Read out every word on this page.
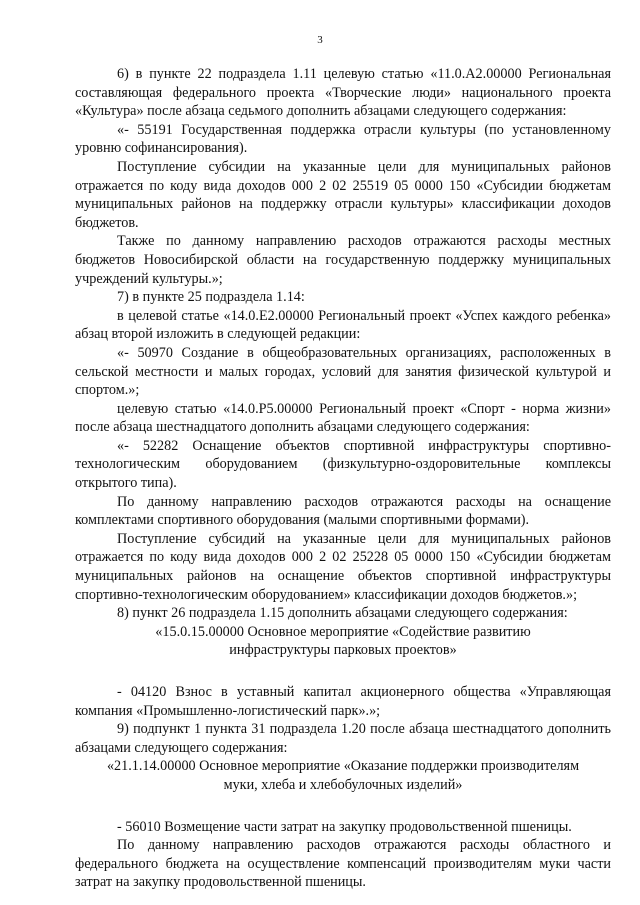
3

6) в пункте 22 подраздела 1.11 целевую статью «11.0.А2.00000 Региональная составляющая федерального проекта «Творческие люди» национального проекта «Культура» после абзаца седьмого дополнить абзацами следующего содержания:

«- 55191 Государственная поддержка отрасли культуры (по установленному уровню софинансирования).

Поступление субсидии на указанные цели для муниципальных районов отражается по коду вида доходов 000 2 02 25519 05 0000 150 «Субсидии бюджетам муниципальных районов на поддержку отрасли культуры» классификации доходов бюджетов.

Также по данному направлению расходов отражаются расходы местных бюджетов Новосибирской области на государственную поддержку муниципальных учреждений культуры.»;

7) в пункте 25 подраздела 1.14:

в целевой статье «14.0.Е2.00000 Региональный проект «Успех каждого ребенка» абзац второй изложить в следующей редакции:

«- 50970 Создание в общеобразовательных организациях, расположенных в сельской местности и малых городах, условий для занятия физической культурой и спортом.»;

целевую статью «14.0.Р5.00000 Региональный проект «Спорт - норма жизни» после абзаца шестнадцатого дополнить абзацами следующего содержания:

«- 52282 Оснащение объектов спортивной инфраструктуры спортивно-технологическим оборудованием (физкультурно-оздоровительные комплексы открытого типа).

По данному направлению расходов отражаются расходы на оснащение комплектами спортивного оборудования (малыми спортивными формами).

Поступление субсидий на указанные цели для муниципальных районов отражается по коду вида доходов 000 2 02 25228 05 0000 150 «Субсидии бюджетам муниципальных районов на оснащение объектов спортивной инфраструктуры спортивно-технологическим оборудованием» классификации доходов бюджетов.»;

8) пункт 26 подраздела 1.15 дополнить абзацами следующего содержания:

«15.0.15.00000 Основное мероприятие «Содействие развитию инфраструктуры парковых проектов»

- 04120 Взнос в уставный капитал акционерного общества «Управляющая компания «Промышленно-логистический парк».»;

9) подпункт 1 пункта 31 подраздела 1.20 после абзаца шестнадцатого дополнить абзацами следующего содержания:

«21.1.14.00000 Основное мероприятие «Оказание поддержки производителям муки, хлеба и хлебобулочных изделий»

- 56010 Возмещение части затрат на закупку продовольственной пшеницы.

По данному направлению расходов отражаются расходы областного и федерального бюджета на осуществление компенсаций производителям муки части затрат на закупку продовольственной пшеницы.
